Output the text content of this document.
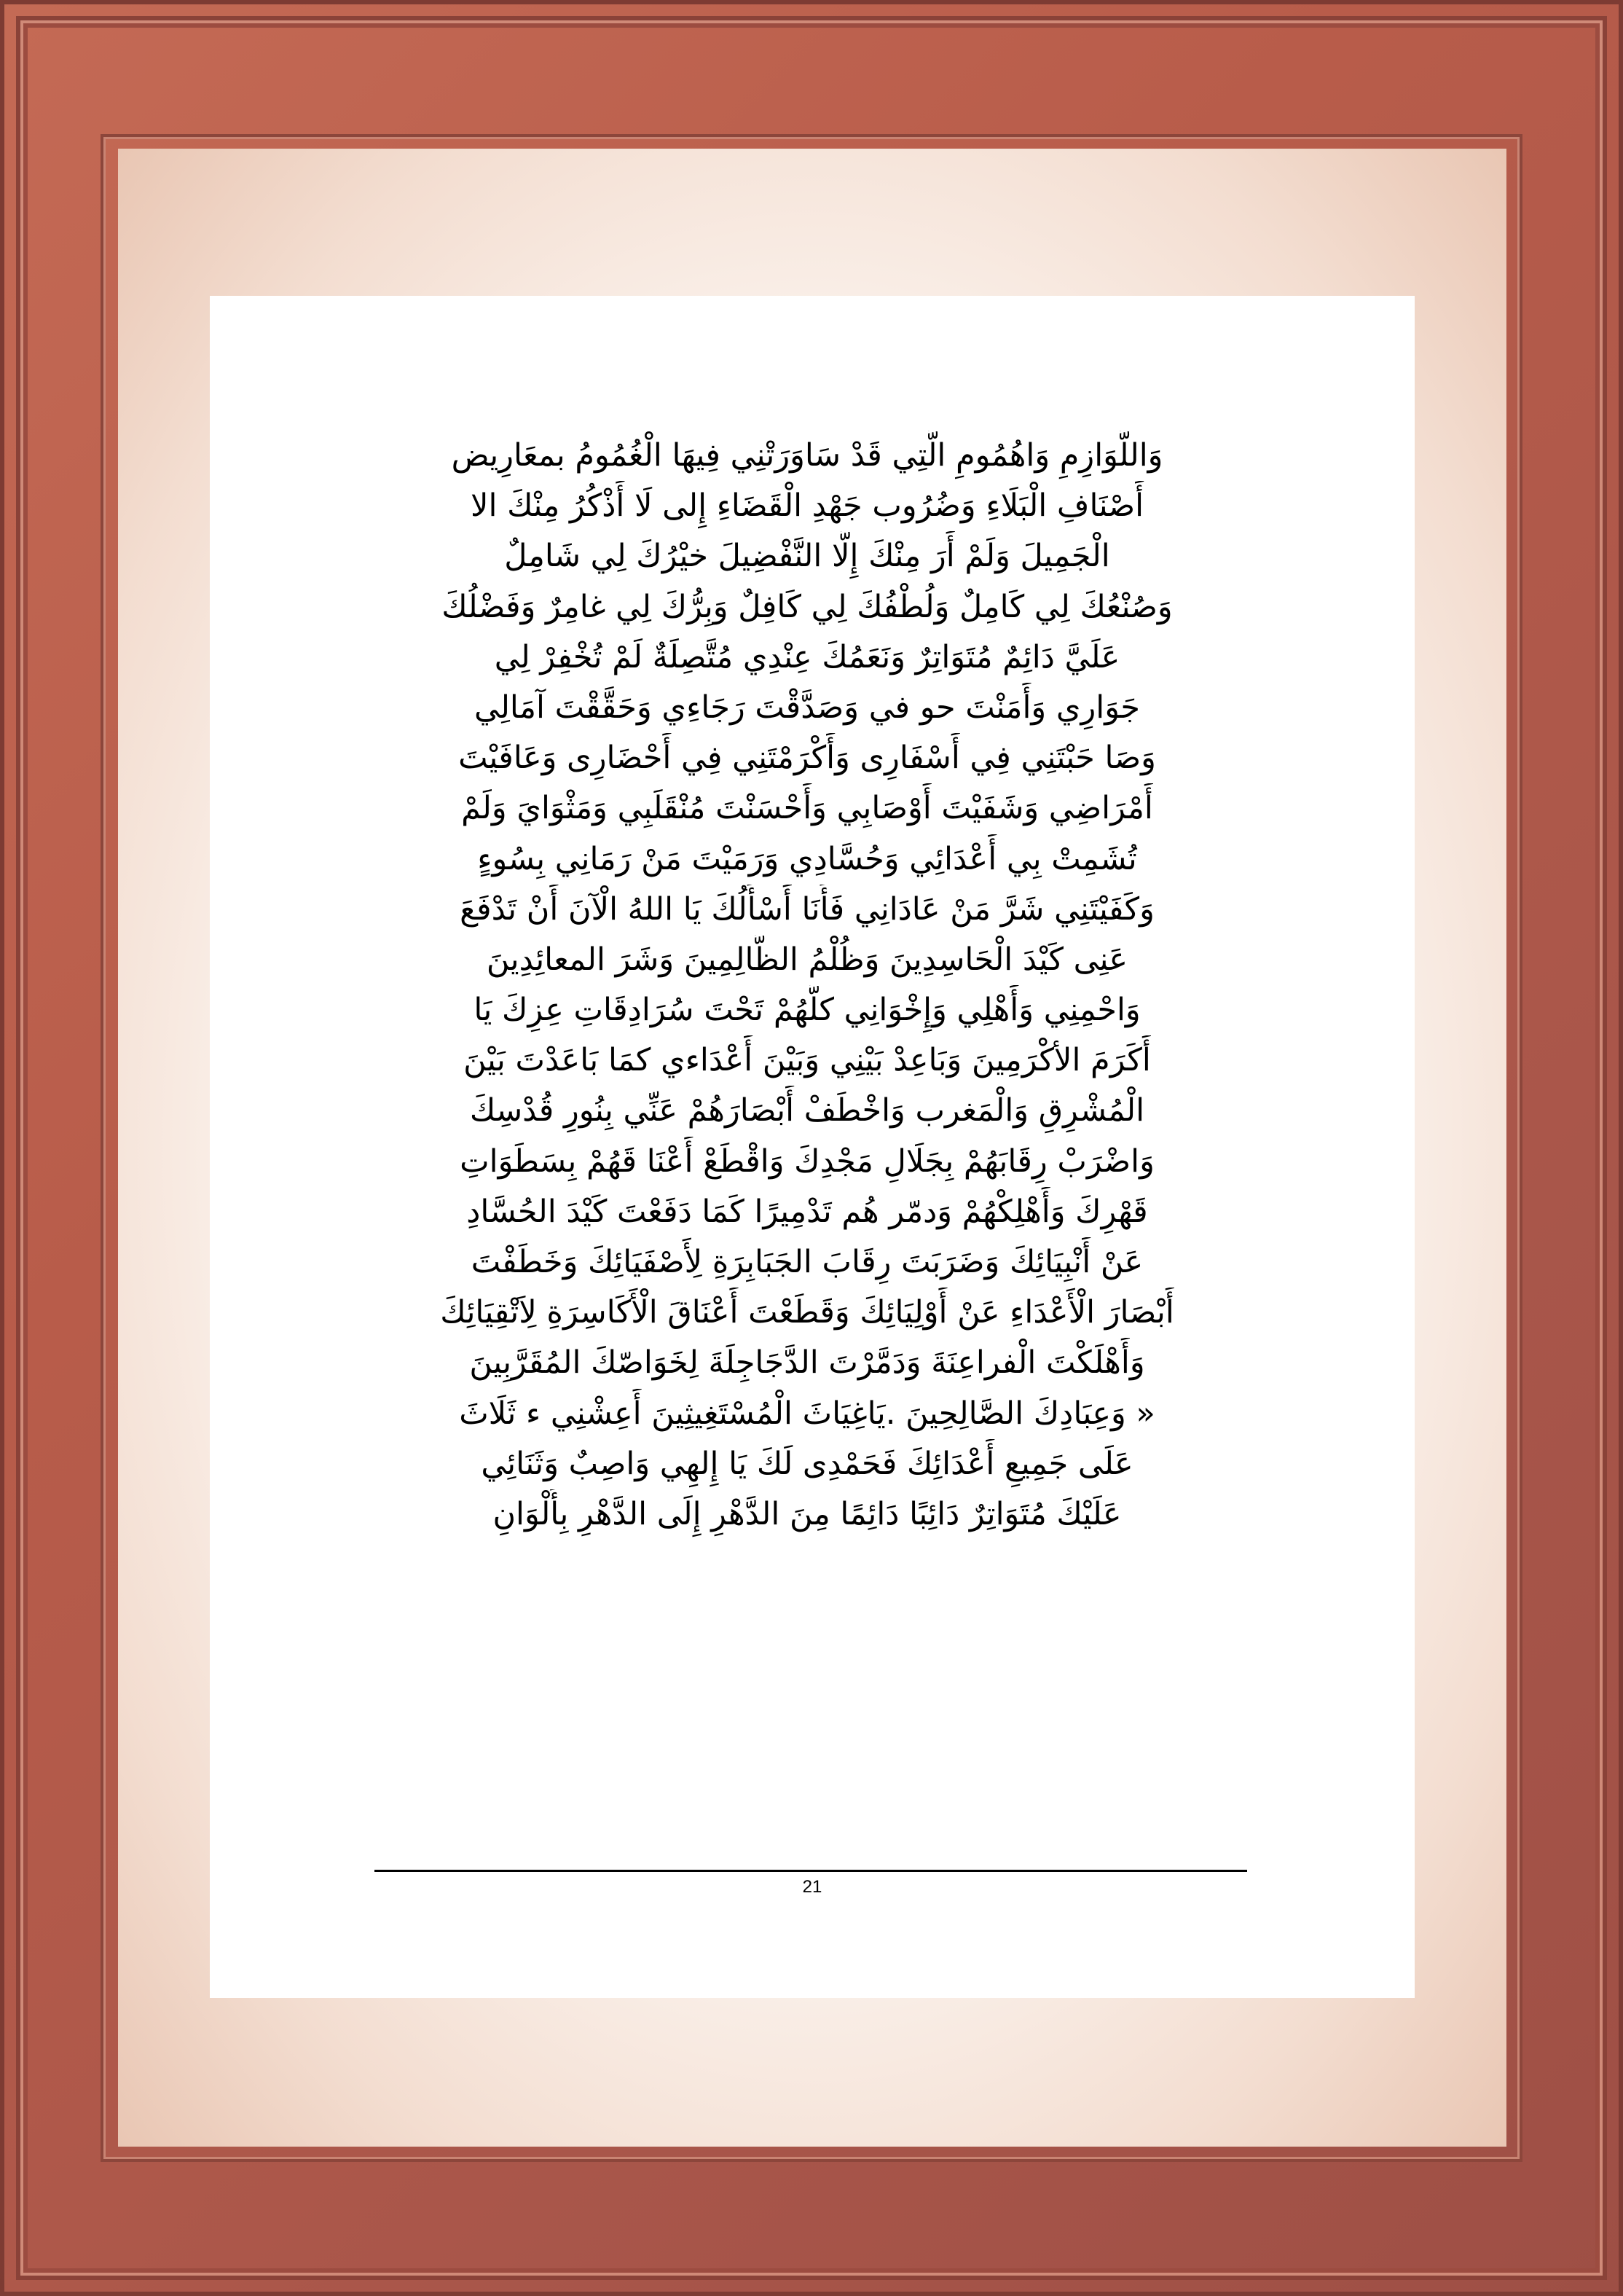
وَاللَّوَازِمِ وَاهُمُومِ الَّتِي قَدْ سَاوَرَتْنِي فِيهَا الْغُمُومُ بمعَارِيض
أَصْنَافِ الْبَلَاءِ وَضُرُوب جَهْدِ الْقَضَاءِ إِلى لَا أَذْكُرُ مِنْكَ الا
الْجَمِيلَ وَلَمْ أَرَ مِنْكَ إِلَّا النَّفْضِيلَ خيْرُكَ لِي شَامِلٌ
وَصُنْعُكَ لِي كَامِلٌ وَلُطْفُكَ لِي كَافِلٌ وَبِرُّكَ لِي غامِرٌ وَفَضْلُكَ
عَلَيَّ دَائِمٌ مُتَوَاتِرٌ وَنَعَمُكَ عِنْدِي مُتَّصِلَةٌ لَمْ تُخْفِرْ لِي
جَوَارِي وَأَمَنْتَ حو في وَصَدَّقْتَ رَجَاءِي وَحَقَّقْتَ آمَالِي
وَصَا حَبْتَنِي فِي أَسْفَارِى وَأَكْرَمْتَنِي فِي أَحْضَارِى وَعَافَيْتَ
أَمْرَاضِي وَشَفَيْتَ أَوْصَابِي وَأَحْسَنْتَ مُنْقَلَبِي وَمَثْوَايَ وَلَمْ
تُشَمِتْ بِي أَعْدَائِي وَحُسَّادِي وَرَمَيْتَ مَنْ رَمَانِي بِسُوءٍ
وَكَفَيْتَنِي شَرَّ مَنْ عَادَانِي فَأَنَا أَسْأَلُكَ يَا اللهُ الْآنَ أَنْ تَدْفَعَ
عَنِى كَيْدَ الْحَاسِدِينَ وَظُلْمُ الظَّالِمِينَ وَشَرَ المعائِدِينَ
وَاحْمِنِي وَأَهْلِي وَإِخْوَانِي كلَّهُمْ تَحْتَ سُرَادِقَاتِ عِزِكَ يَا
أَكَرَمَ الأكْرَمِينَ وَبَاعِدْ بَيْنِي وَبَيْنَ أَعْدَاءي كمَا بَاعَدْتَ بَيْنَ
الْمُشْرِقِ وَالْمَغرب وَاخْطَفْ أَبْصَارَهُمْ عَنِّي بِنُورِ قُدْسِكَ
وَاضْرَبْ رِقَابَهُمْ بِجَلَالِ مَجْدِكَ وَاقْطَعْ أَعْنَا قَهُمْ بِسَطَوَاتِ
قَهْرِكَ وَأَهْلِكْهُمْ وَدمّر هُم تَدْمِيرًا كَمَا دَفَعْتَ كَيْدَ الحُسَّادِ
عَنْ أَنْبِيَائِكَ وَضَرَبَتَ رِقَابَ الجَبَابِرَةِ لِأَصْفَيَائِكَ وَخَطَفْتَ
أَبْصَارَ الْأَعْدَاءِ عَنْ أَوْلِيَائِكَ وَقَطَعْتَ أَعْنَاقَ الْأَكَاسِرَةِ لِاَتْقِيَائِكَ
وَأَهْلَكْتَ الْفراعِنَةَ وَدَمَّرْتَ الدَّجَاجِلَةَ لِخَوَاصّكَ المُقَرَّبِينَ
« وَعِبَادِكَ الصَّالِحِينَ .يَاغِيَاثَ الْمُسْتَغِيثِينَ أَعِشْنِي ء ثَلَاثَ
عَلَى جَمِيعِ أَعْدَائِكَ فَحَمْدِى لَكَ يَا إِلهِي وَاصِبٌ وَثَنَائِي
عَلَيْكَ مُتَوَاتِرٌ دَائِبًا دَائِمًا مِنَ الدَّهْرِ إِلَى الدَّهْرِ بِأَلْوَانِ
21
